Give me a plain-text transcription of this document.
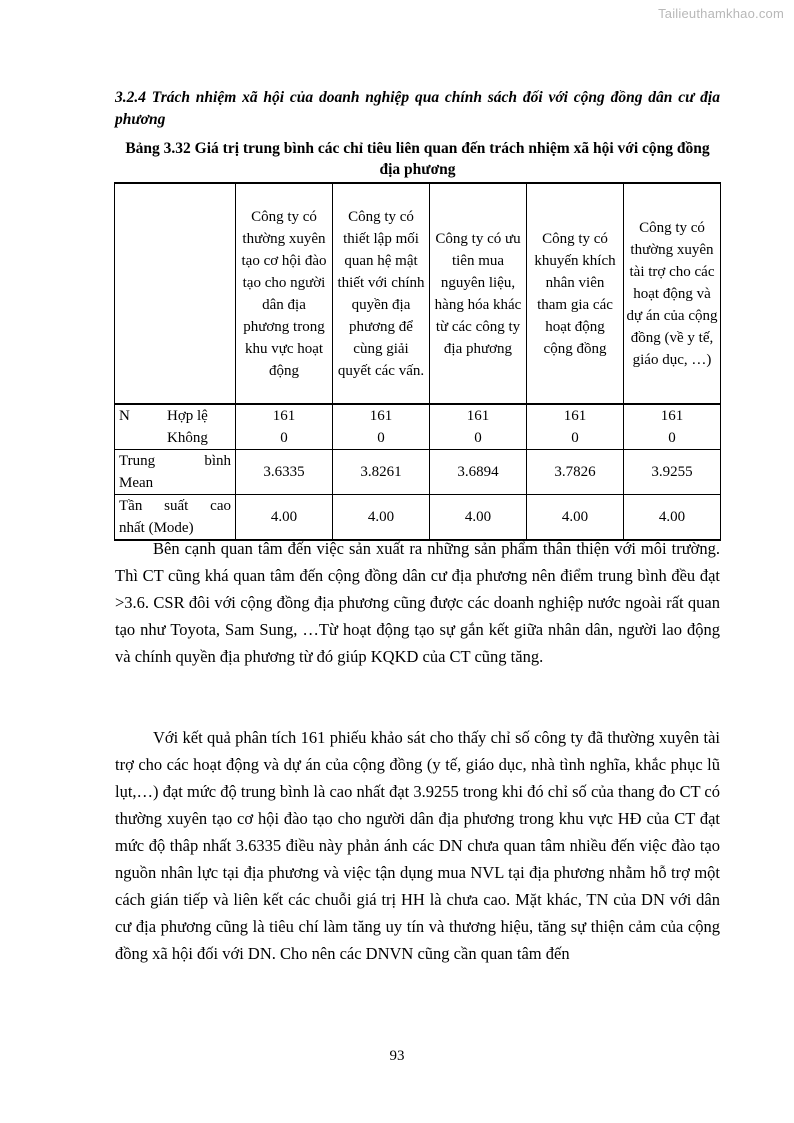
Tailieuthamkhao.com
3.2.4 Trách nhiệm xã hội của doanh nghiệp qua chính sách đối với cộng đồng dân cư địa phương
Bảng 3.32 Giá trị trung bình các chỉ tiêu liên quan đến trách nhiệm xã hội với cộng đồng địa phương
	Công ty có thường xuyên tạo cơ hội đào tạo cho người dân địa phương trong khu vực hoạt động	Công ty có thiết lập mối quan hệ mật thiết với chính quyền địa phương để cùng giải quyết các vấn.	Công ty có ưu tiên mua nguyên liệu, hàng hóa khác từ các công ty địa phương	Công ty có khuyến khích nhân viên tham gia các hoạt động cộng đồng	Công ty có thường xuyên tài trợ cho các hoạt động và dự án của cộng đồng (về y tế, giáo dục, …)

N Hợp lệ	161	161	161	161	161

Không	0	0	0	0	0

Trung bình
Mean	3.6335	3.8261	3.6894	3.7826	3.9255

Tần suất cao
nhất (Mode)	4.00	4.00	4.00	4.00	4.00

Bên cạnh quan tâm đến việc sản xuất ra những sản phẩm thân thiện với môi trường. Thì CT cũng khá quan tâm đến cộng đồng dân cư địa phương nên điểm trung bình đều đạt >3.6. CSR đôi với cộng đồng địa phương cũng được các doanh nghiệp nước ngoài rất quan tạo như Toyota, Sam Sung, …Từ hoạt động tạo sự gắn kết giữa nhân dân, người lao động và chính quyền địa phương từ đó giúp KQKD của CT cũng tăng.

Với kết quả phân tích 161 phiếu khảo sát cho thấy chỉ số công ty đã thường xuyên tài trợ cho các hoạt động và dự án của cộng đồng (y tế, giáo dục, nhà tình nghĩa, khắc phục lũ lụt,…) đạt mức độ trung bình là cao nhất đạt 3.9255 trong khi đó chỉ số của thang đo CT có thường xuyên tạo cơ hội đào tạo cho người dân địa phương trong khu vực HĐ của CT đạt mức độ thâp nhất 3.6335 điều này phản ánh các DN chưa quan tâm nhiều đến việc đào tạo nguồn nhân lực tại địa phương và việc tận dụng mua NVL tại địa phương nhằm hỗ trợ một cách gián tiếp và liên kết các chuỗi giá trị HH là chưa cao. Mặt khác, TN của DN với dân cư địa phương cũng là tiêu chí làm tăng uy tín và thương hiệu, tăng sự thiện cảm của cộng đồng xã hội đối với DN. Cho nên các DNVN cũng cần quan tâm đến

93
